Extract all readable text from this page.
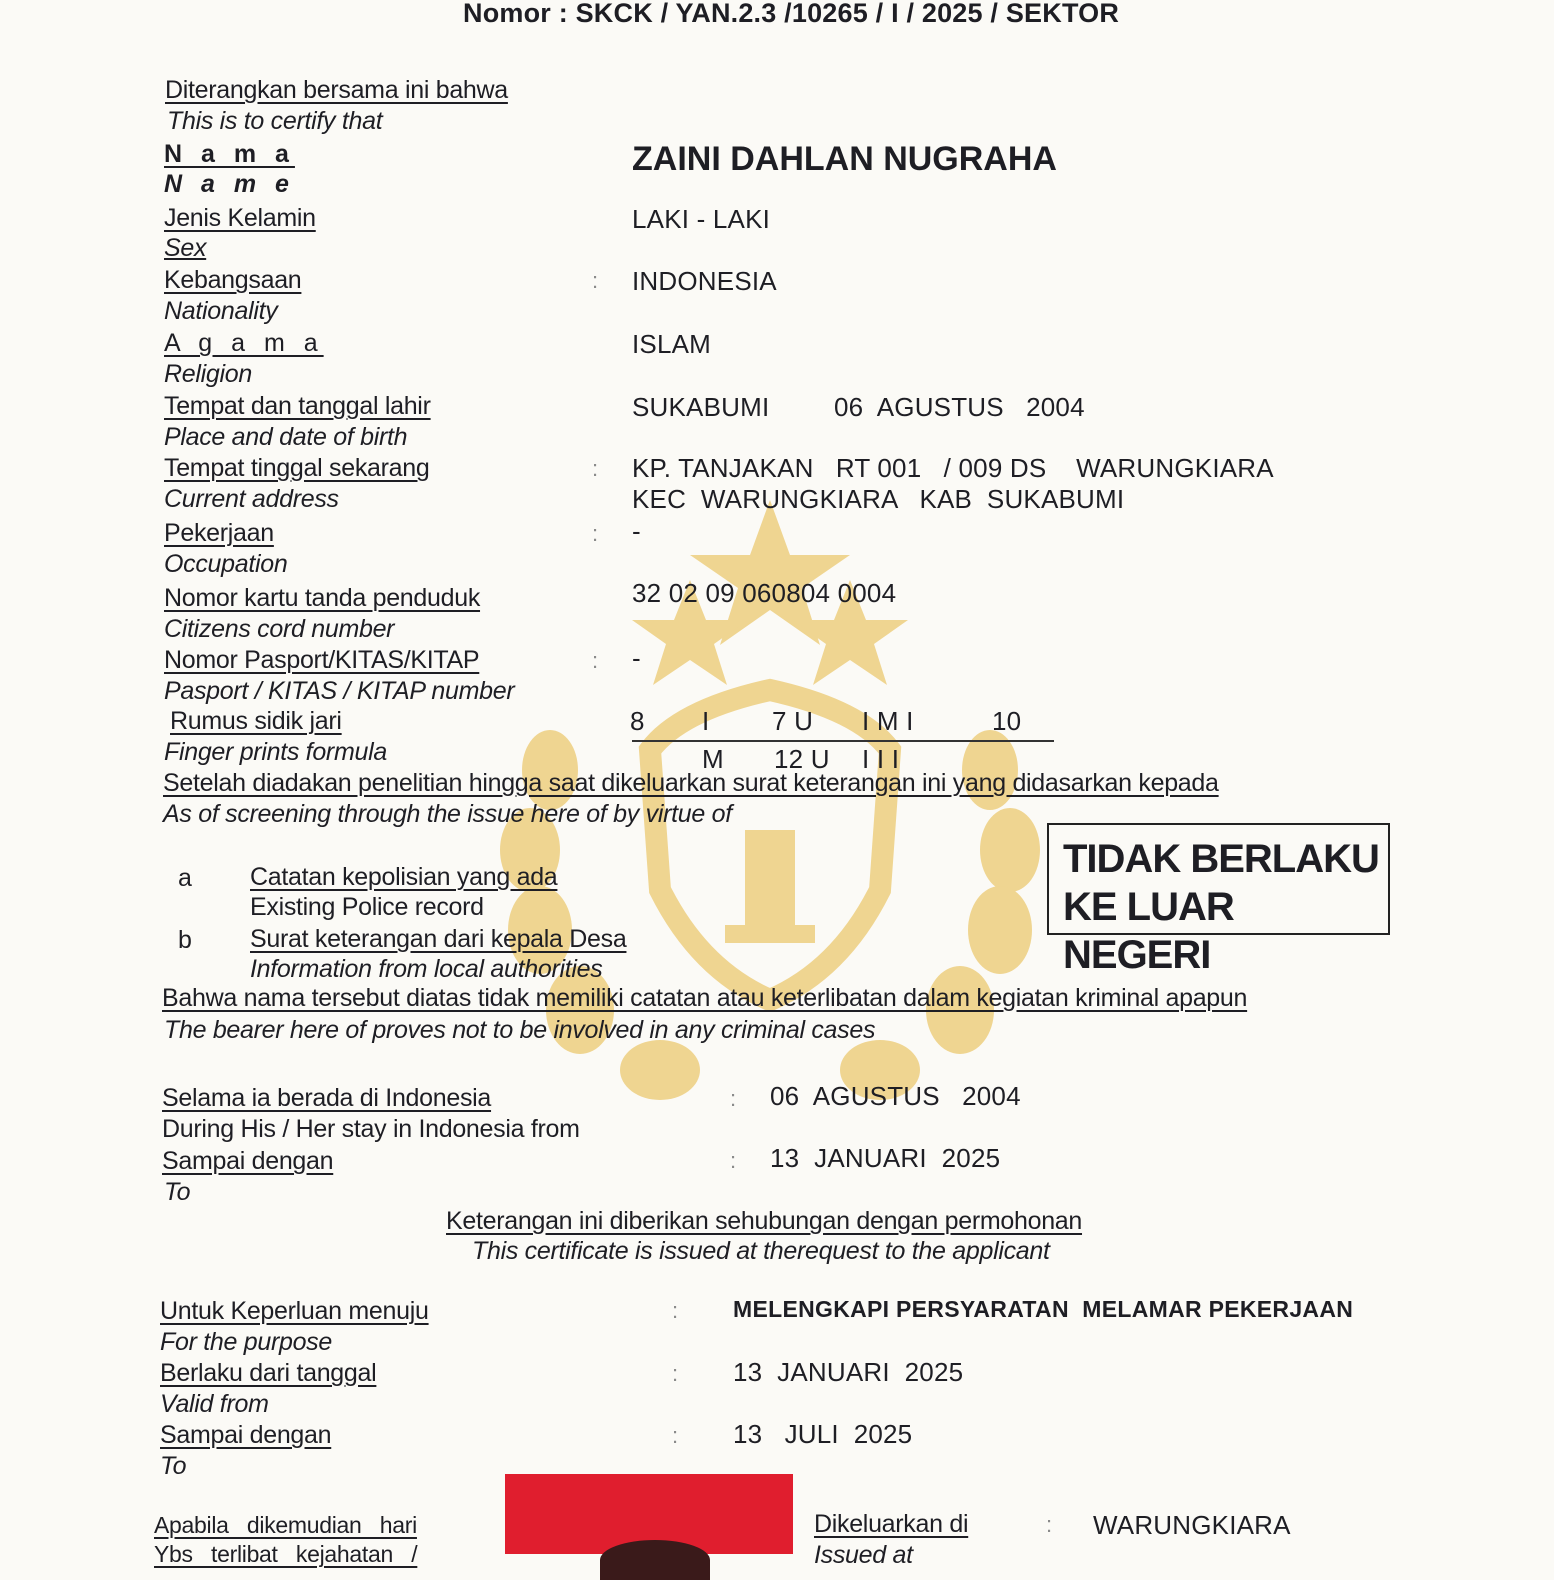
Nomor : SKCK / YAN.2.3 /10265 / I / 2025 / SEKTOR
Diterangkan bersama ini bahwa
This is to certify that
N a m a
N a m e
ZAINI DAHLAN NUGRAHA
Jenis Kelamin
Sex
LAKI - LAKI
Kebangsaan
Nationality
: INDONESIA
A g a m a
Religion
ISLAM
Tempat dan tanggal lahir
Place and date of birth
SUKABUMI 06  AGUSTUS   2004
Tempat tinggal sekarang
Current address
: KP. TANJAKAN   RT 001   / 009 DS    WARUNGKIARA
KEC  WARUNGKIARA   KAB  SUKABUMI
Pekerjaan
Occupation
: -
Nomor kartu tanda penduduk
Citizens cord number
32 02 09 060804 0004
Nomor Pasport/KITAS/KITAP
Pasport / KITAS / KITAP number
: -
Rumus sidik jari
Finger prints formula
8 I 7 U I M I	10
M 12 U I I I
Setelah diadakan penelitian hingga saat dikeluarkan surat keterangan ini yang didasarkan kepada
As of screening through the issue here of by virtue of
a Catatan kepolisian yang ada
Existing Police record
b Surat keterangan dari kepala Desa
Information from local authorities
TIDAK BERLAKU
KE LUAR NEGERI
Bahwa nama tersebut diatas tidak memiliki catatan atau keterlibatan dalam kegiatan kriminal apapun
The bearer here of proves not to be involved in any criminal cases
Selama ia berada di Indonesia
During His / Her stay in Indonesia from
: 06  AGUSTUS   2004
Sampai dengan
To
: 13  JANUARI  2025
Keterangan ini diberikan sehubungan dengan permohonan
This certificate is issued at therequest to the applicant
Untuk Keperluan menuju
For the purpose
: MELENGKAPI PERSYARATAN  MELAMAR PEKERJAAN
Berlaku dari tanggal
Valid from
: 13  JANUARI  2025
Sampai dengan
To
: 13   JULI  2025
Apabila   dikemudian   hari
Ybs   terlibat   kejahatan   /
Dikeluarkan di
Issued at
: WARUNGKIARA
